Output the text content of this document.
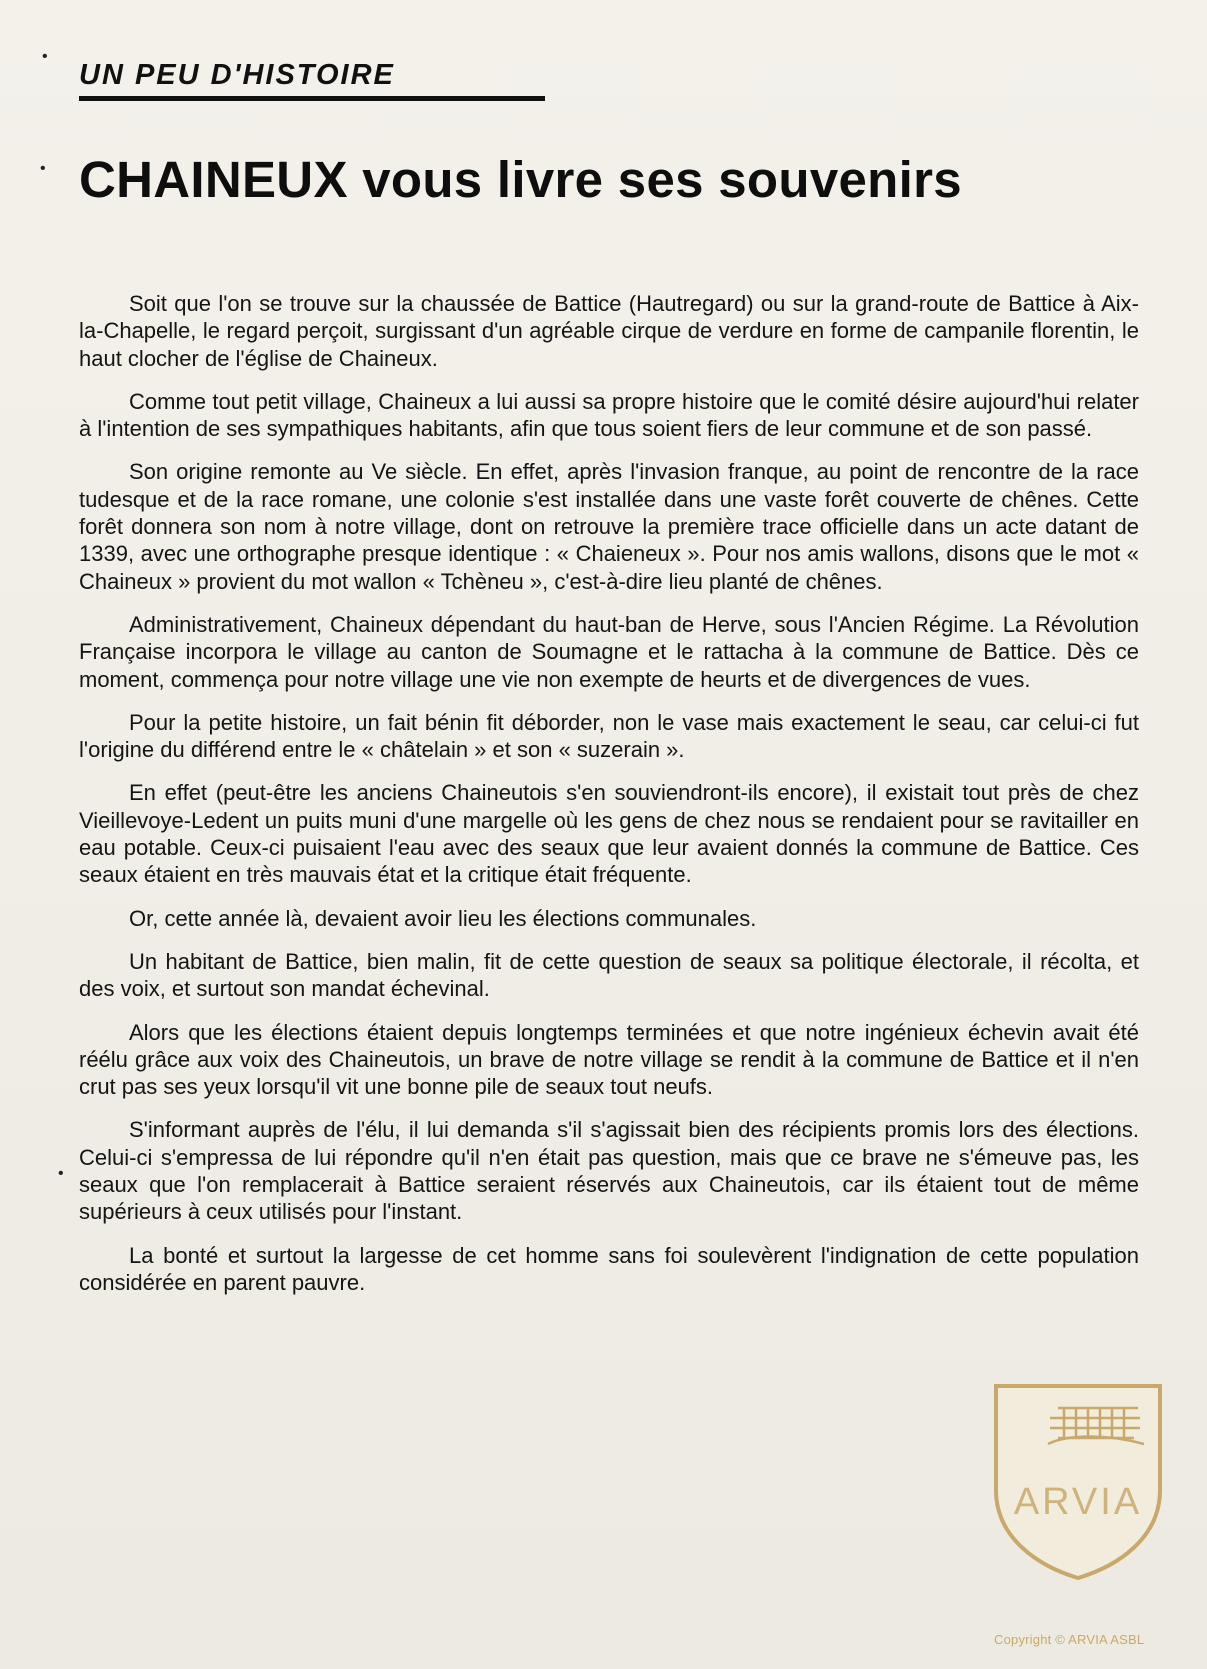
UN PEU D'HISTOIRE
•
•
•
CHAINEUX vous livre ses souvenirs

Soit que l'on se trouve sur la chaussée de Battice (Hautregard) ou sur la grand-route de Battice à Aix-la-Chapelle, le regard perçoit, surgissant d'un agréable cirque de verdure en forme de campanile florentin, le haut clocher de l'église de Chaineux.

Comme tout petit village, Chaineux a lui aussi sa propre histoire que le comité désire aujourd'hui relater à l'intention de ses sympathiques habitants, afin que tous soient fiers de leur commune et de son passé.

Son origine remonte au Ve siècle. En effet, après l'invasion franque, au point de rencontre de la race tudesque et de la race romane, une colonie s'est installée dans une vaste forêt couverte de chênes. Cette forêt donnera son nom à notre village, dont on retrouve la première trace officielle dans un acte datant de 1339, avec une orthographe presque identique : « Chaieneux ». Pour nos amis wallons, disons que le mot « Chaineux » provient du mot wallon « Tchèneu », c'est-à-dire lieu planté de chênes.

Administrativement, Chaineux dépendant du haut-ban de Herve, sous l'Ancien Régime. La Révolution Française incorpora le village au canton de Soumagne et le rattacha à la commune de Battice. Dès ce moment, commença pour notre village une vie non exempte de heurts et de divergences de vues.

Pour la petite histoire, un fait bénin fit déborder, non le vase mais exactement le seau, car celui-ci fut l'origine du différend entre le « châtelain » et son « suzerain ».

En effet (peut-être les anciens Chaineutois s'en souviendront-ils encore), il existait tout près de chez Vieillevoye-Ledent un puits muni d'une margelle où les gens de chez nous se rendaient pour se ravitailler en eau potable. Ceux-ci puisaient l'eau avec des seaux que leur avaient donnés la commune de Battice. Ces seaux étaient en très mauvais état et la critique était fréquente.

Or, cette année là, devaient avoir lieu les élections communales.

Un habitant de Battice, bien malin, fit de cette question de seaux sa politique électorale, il récolta, et des voix, et surtout son mandat échevinal.

Alors que les élections étaient depuis longtemps terminées et que notre ingénieux échevin avait été réélu grâce aux voix des Chaineutois, un brave de notre village se rendit à la commune de Battice et il n'en crut pas ses yeux lorsqu'il vit une bonne pile de seaux tout neufs.

S'informant auprès de l'élu, il lui demanda s'il s'agissait bien des récipients promis lors des élections. Celui-ci s'empressa de lui répondre qu'il n'en était pas question, mais que ce brave ne s'émeuve pas, les seaux que l'on remplacerait à Battice seraient réservés aux Chaineutois, car ils étaient tout de même supérieurs à ceux utilisés pour l'instant.

La bonté et surtout la largesse de cet homme sans foi soulevèrent l'indignation de cette population considérée en parent pauvre.

ARVIA
Copyright © ARVIA ASBL
